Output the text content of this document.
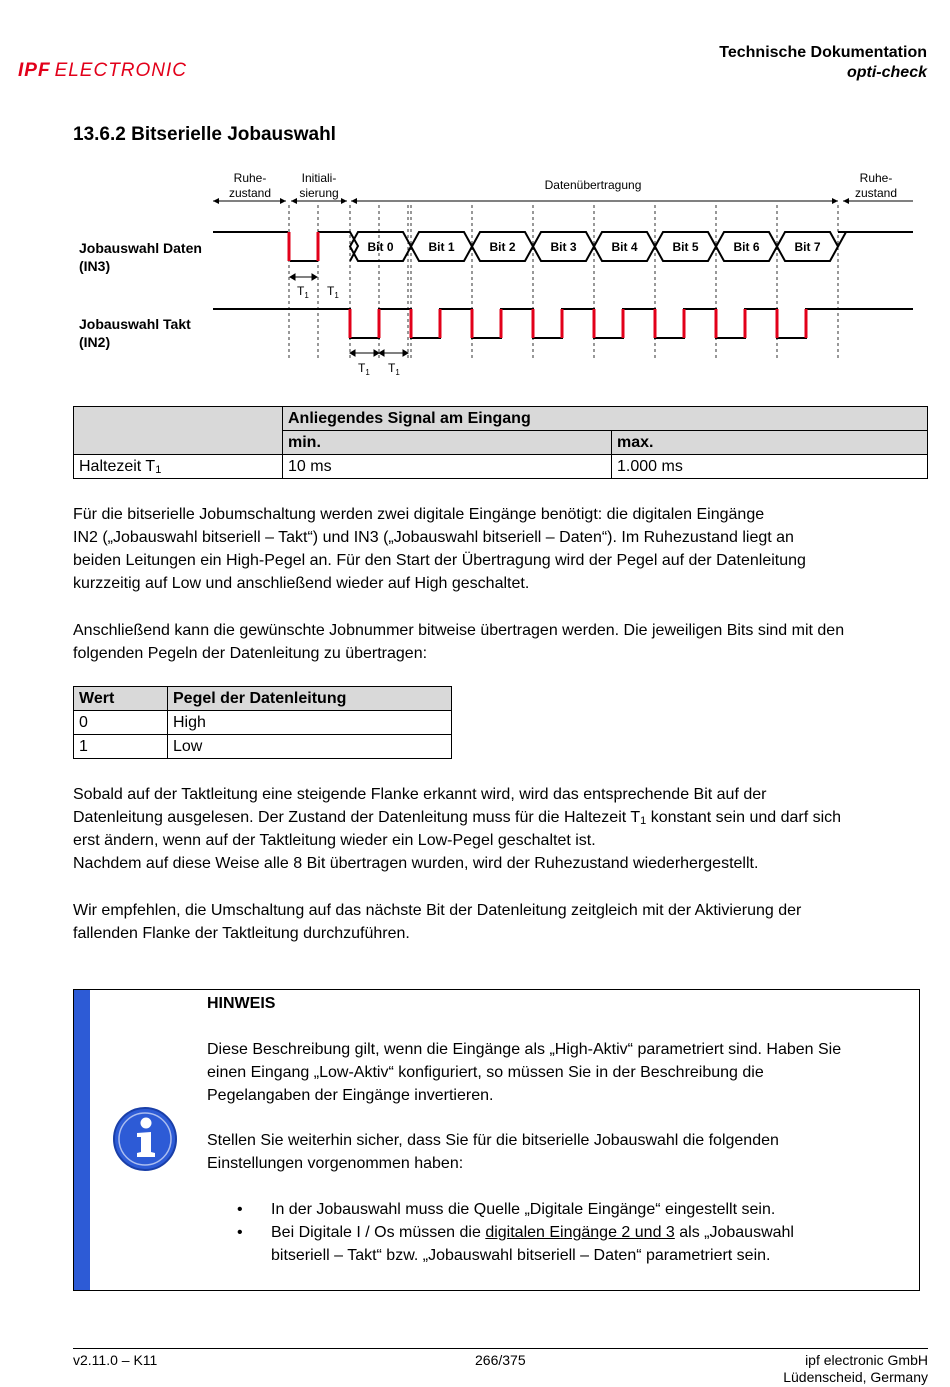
IPF ELECTRONIC
Technische Dokumentation
opti-check
13.6.2 Bitserielle Jobauswahl
Ruhe-
zustand
Initiali-
sierung
Datenübertragung	Ruhe-
zustand
Jobauswahl Daten
(IN3)
Jobauswahl Takt
(IN2)
Bit 0	Bit 1	Bit 2	Bit 3	Bit 4	Bit 5	Bit 6	Bit 7
$T_1$ $T_1$
$T_1$ $T_1$
	Anliegendes Signal am Eingang	
	min.	max.
Haltezeit $T_1$	10 ms	1.000 ms
Für die bitserielle Jobumschaltung werden zwei digitale Eingänge benötigt: die digitalen Eingänge
IN2 („Jobauswahl bitseriell – Takt“) und IN3 („Jobauswahl bitseriell – Daten“). Im Ruhezustand liegt an
beiden Leitungen ein High-Pegel an. Für den Start der Übertragung wird der Pegel auf der Datenleitung
kurzzeitig auf Low und anschließend wieder auf High geschaltet.
Anschließend kann die gewünschte Jobnummer bitweise übertragen werden. Die jeweiligen Bits sind mit den
folgenden Pegeln der Datenleitung zu übertragen:
Wert	Pegel der Datenleitung
0	High
1	Low
Sobald auf der Taktleitung eine steigende Flanke erkannt wird, wird das entsprechende Bit auf der
Datenleitung ausgelesen. Der Zustand der Datenleitung muss für die Haltezeit $T_1$ konstant sein und darf sich
erst ändern, wenn auf der Taktleitung wieder ein Low-Pegel geschaltet ist.
Nachdem auf diese Weise alle 8 Bit übertragen wurden, wird der Ruhezustand wiederhergestellt.
Wir empfehlen, die Umschaltung auf das nächste Bit der Datenleitung zeitgleich mit der Aktivierung der
fallenden Flanke der Taktleitung durchzuführen.
HINWEIS
Diese Beschreibung gilt, wenn die Eingänge als „High-Aktiv“ parametriert sind. Haben Sie
einen Eingang „Low-Aktiv“ konfiguriert, so müssen Sie in der Beschreibung die
Pegelangaben der Eingänge invertieren.
Stellen Sie weiterhin sicher, dass Sie für die bitserielle Jobauswahl die folgenden
Einstellungen vorgenommen haben:
• In der Jobauswahl muss die Quelle „Digitale Eingänge“ eingestellt sein.
• Bei Digitale I / Os müssen die digitalen Eingänge 2 und 3 als „Jobauswahl
bitseriell – Takt“ bzw. „Jobauswahl bitseriell – Daten“ parametriert sein.
v2.11.0 – K11	266/375	ipf electronic GmbH
Lüdenscheid, Germany
